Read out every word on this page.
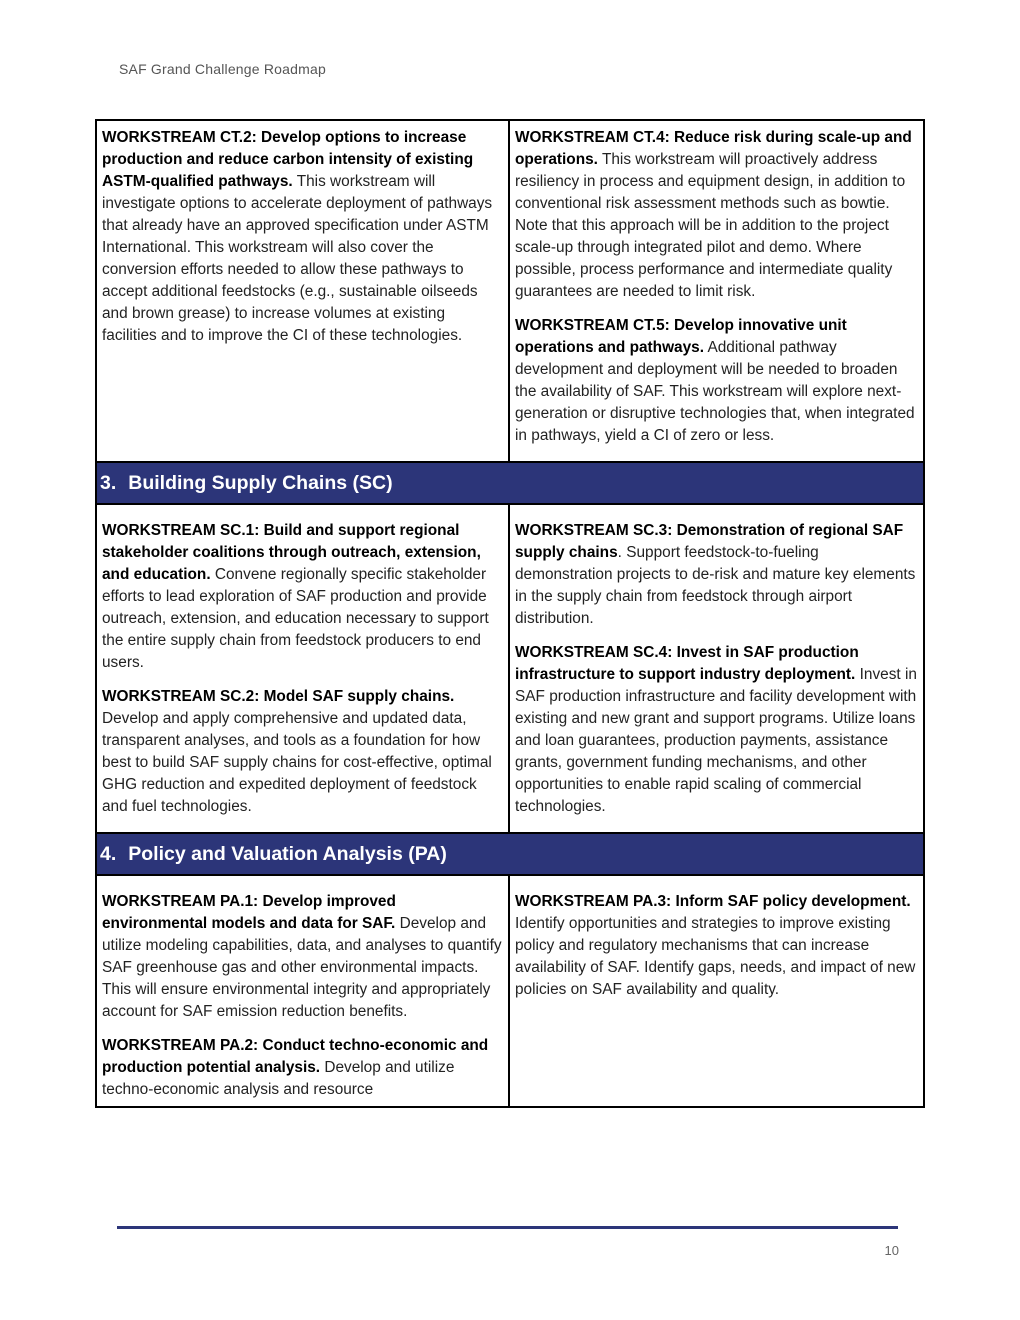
SAF Grand Challenge Roadmap

WORKSTREAM CT.2: Develop options to increase production and reduce carbon intensity of existing ASTM-qualified pathways. This workstream will investigate options to accelerate deployment of pathways that already have an approved specification under ASTM International. This workstream will also cover the conversion efforts needed to allow these pathways to accept additional feedstocks (e.g., sustainable oilseeds and brown grease) to increase volumes at existing facilities and to improve the CI of these technologies.

WORKSTREAM CT.4: Reduce risk during scale-up and operations. This workstream will proactively address resiliency in process and equipment design, in addition to conventional risk assessment methods such as bowtie. Note that this approach will be in addition to the project scale-up through integrated pilot and demo. Where possible, process performance and intermediate quality guarantees are needed to limit risk.

WORKSTREAM CT.5: Develop innovative unit operations and pathways. Additional pathway development and deployment will be needed to broaden the availability of SAF. This workstream will explore next-generation or disruptive technologies that, when integrated in pathways, yield a CI of zero or less.

3. Building Supply Chains (SC)

WORKSTREAM SC.1: Build and support regional stakeholder coalitions through outreach, extension, and education. Convene regionally specific stakeholder efforts to lead exploration of SAF production and provide outreach, extension, and education necessary to support the entire supply chain from feedstock producers to end users.

WORKSTREAM SC.2: Model SAF supply chains. Develop and apply comprehensive and updated data, transparent analyses, and tools as a foundation for how best to build SAF supply chains for cost-effective, optimal GHG reduction and expedited deployment of feedstock and fuel technologies.

WORKSTREAM SC.3: Demonstration of regional SAF supply chains. Support feedstock-to-fueling demonstration projects to de-risk and mature key elements in the supply chain from feedstock through airport distribution.

WORKSTREAM SC.4: Invest in SAF production infrastructure to support industry deployment. Invest in SAF production infrastructure and facility development with existing and new grant and support programs. Utilize loans and loan guarantees, production payments, assistance grants, government funding mechanisms, and other opportunities to enable rapid scaling of commercial technologies.

4. Policy and Valuation Analysis (PA)

WORKSTREAM PA.1: Develop improved environmental models and data for SAF. Develop and utilize modeling capabilities, data, and analyses to quantify SAF greenhouse gas and other environmental impacts. This will ensure environmental integrity and appropriately account for SAF emission reduction benefits.

WORKSTREAM PA.2: Conduct techno-economic and production potential analysis. Develop and utilize techno-economic analysis and resource

WORKSTREAM PA.3: Inform SAF policy development. Identify opportunities and strategies to improve existing policy and regulatory mechanisms that can increase availability of SAF. Identify gaps, needs, and impact of new policies on SAF availability and quality.

10
